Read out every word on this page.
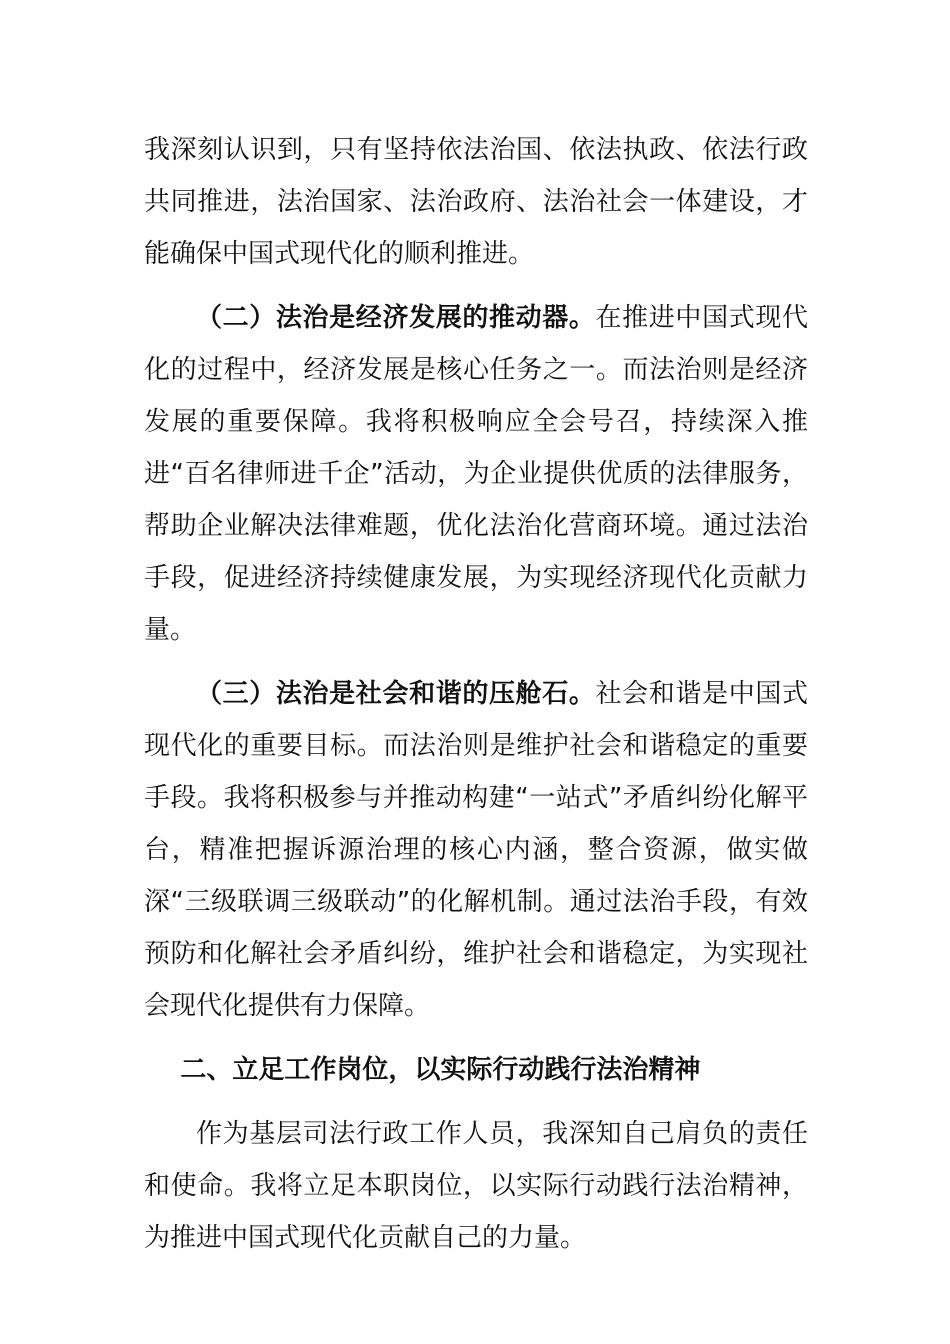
我深刻认识到，只有坚持依法治国、依法执政、依法行政共同推进，法治国家、法治政府、法治社会一体建设，才能确保中国式现代化的顺利推进。

（二）法治是经济发展的推动器。在推进中国式现代化的过程中，经济发展是核心任务之一。而法治则是经济发展的重要保障。我将积极响应全会号召，持续深入推进“百名律师进千企”活动，为企业提供优质的法律服务，帮助企业解决法律难题，优化法治化营商环境。通过法治手段，促进经济持续健康发展，为实现经济现代化贡献力量。

（三）法治是社会和谐的压舱石。社会和谐是中国式现代化的重要目标。而法治则是维护社会和谐稳定的重要手段。我将积极参与并推动构建“一站式”矛盾纠纷化解平台，精准把握诉源治理的核心内涵，整合资源，做实做深“三级联调三级联动”的化解机制。通过法治手段，有效预防和化解社会矛盾纠纷，维护社会和谐稳定，为实现社会现代化提供有力保障。

二、立足工作岗位，以实际行动践行法治精神

作为基层司法行政工作人员，我深知自己肩负的责任和使命。我将立足本职岗位，以实际行动践行法治精神，为推进中国式现代化贡献自己的力量。
